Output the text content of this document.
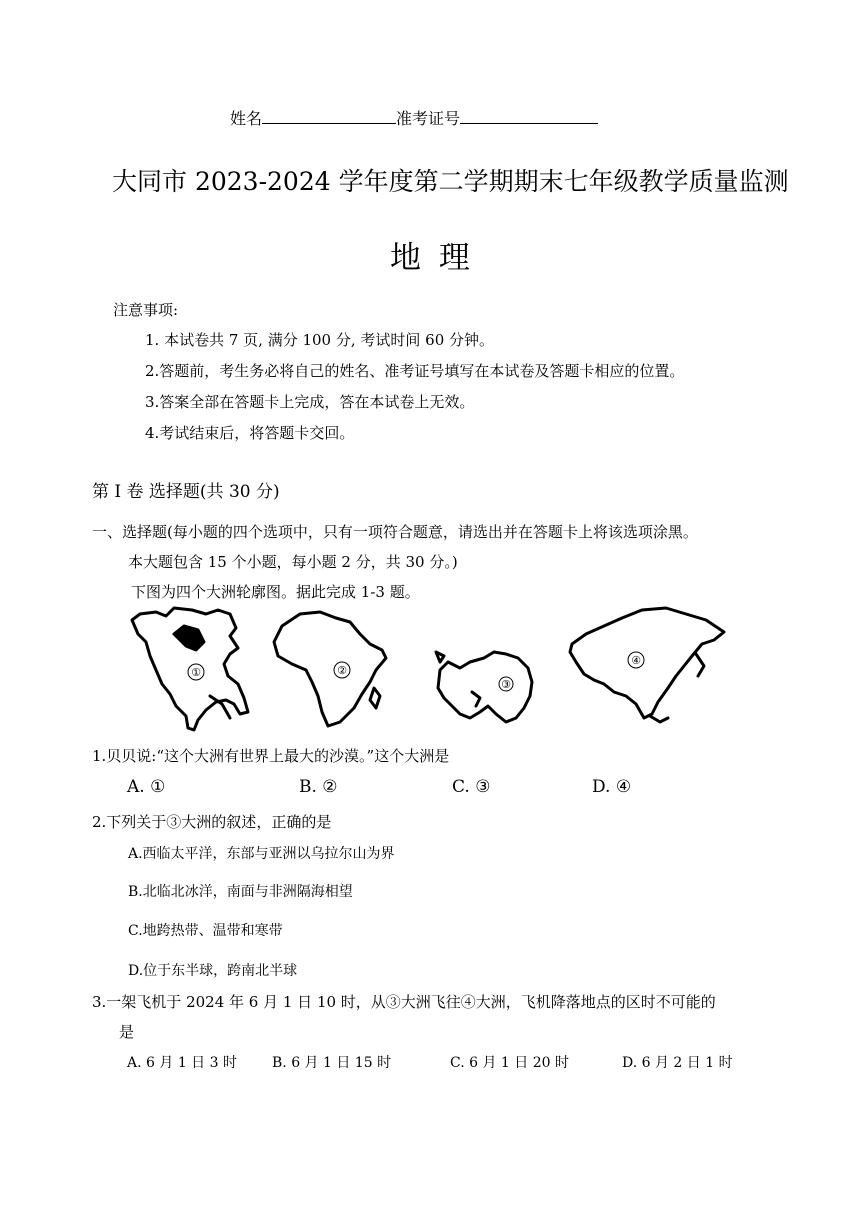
姓名	准考证号
大同市 2023-2024 学年度第二学期期末七年级教学质量监测
地 理
注意事项:
1. 本试卷共 7 页, 满分 100 分, 考试时间 60 分钟。
2.答题前，考生务必将自己的姓名、准考证号填写在本试卷及答题卡相应的位置。
3.答案全部在答题卡上完成，答在本试卷上无效。
4.考试结束后，将答题卡交回。
第 I 卷 选择题(共 30 分)
一、选择题(每小题的四个选项中，只有一项符合题意，请选出并在答题卡上将该选项涂黑。
本大题包含 15 个小题，每小题 2 分，共 30 分。)
下图为四个大洲轮廓图。据此完成 1-3 题。
①	②
③
④
1.贝贝说:“这个大洲有世界上最大的沙漠。”这个大洲是
A. ①	B. ②	C. ③	D. ④
2.下列关于③大洲的叙述，正确的是
A.西临太平洋，东部与亚洲以乌拉尔山为界
B.北临北冰洋，南面与非洲隔海相望
C.地跨热带、温带和寒带
D.位于东半球，跨南北半球
3.一架飞机于 2024 年 6 月 1 日 10 时，从③大洲飞往④大洲，飞机降落地点的区时不可能的
是
A. 6 月 1 日 3 时	B. 6 月 1 日 15 时	C. 6 月 1 日 20 时	D. 6 月 2 日 1 时
